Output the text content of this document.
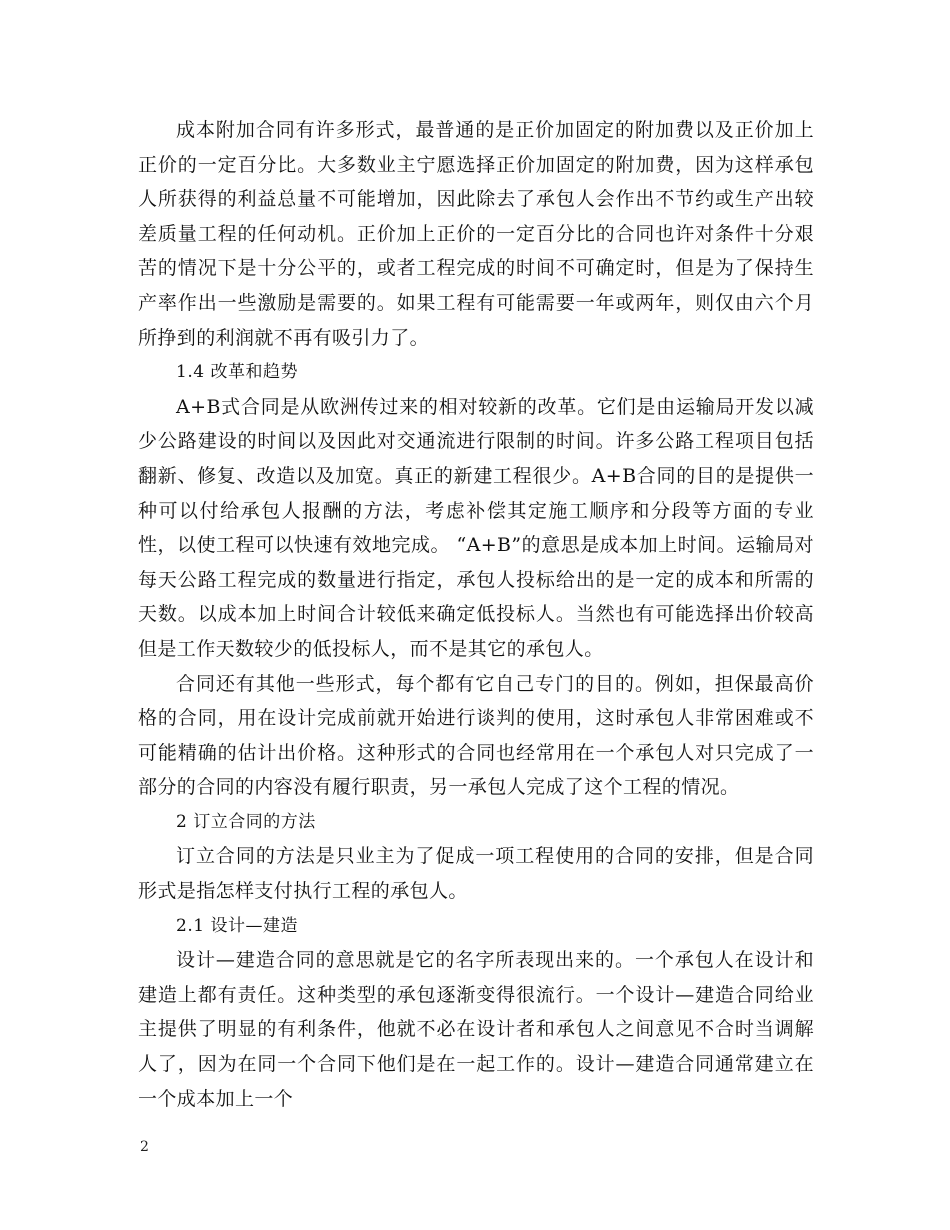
成本附加合同有许多形式，最普通的是正价加固定的附加费以及正价加上正价的一定百分比。大多数业主宁愿选择正价加固定的附加费，因为这样承包人所获得的利益总量不可能增加，因此除去了承包人会作出不节约或生产出较差质量工程的任何动机。正价加上正价的一定百分比的合同也许对条件十分艰苦的情况下是十分公平的，或者工程完成的时间不可确定时，但是为了保持生产率作出一些激励是需要的。如果工程有可能需要一年或两年，则仅由六个月所挣到的利润就不再有吸引力了。

1.4 改革和趋势

A+B式合同是从欧洲传过来的相对较新的改革。它们是由运输局开发以减少公路建设的时间以及因此对交通流进行限制的时间。许多公路工程项目包括翻新、修复、改造以及加宽。真正的新建工程很少。A+B合同的目的是提供一种可以付给承包人报酬的方法，考虑补偿其定施工顺序和分段等方面的专业性，以使工程可以快速有效地完成。 “A+B”的意思是成本加上时间。运输局对每天公路工程完成的数量进行指定，承包人投标给出的是一定的成本和所需的天数。以成本加上时间合计较低来确定低投标人。当然也有可能选择出价较高但是工作天数较少的低投标人，而不是其它的承包人。

合同还有其他一些形式，每个都有它自己专门的目的。例如，担保最高价格的合同，用在设计完成前就开始进行谈判的使用，这时承包人非常困难或不可能精确的估计出价格。这种形式的合同也经常用在一个承包人对只完成了一部分的合同的内容没有履行职责，另一承包人完成了这个工程的情况。

2 订立合同的方法

订立合同的方法是只业主为了促成一项工程使用的合同的安排，但是合同形式是指怎样支付执行工程的承包人。

2.1 设计—建造

设计—建造合同的意思就是它的名字所表现出来的。一个承包人在设计和建造上都有责任。这种类型的承包逐渐变得很流行。一个设计—建造合同给业主提供了明显的有利条件，他就不必在设计者和承包人之间意见不合时当调解人了，因为在同一个合同下他们是在一起工作的。设计—建造合同通常建立在一个成本加上一个

2
